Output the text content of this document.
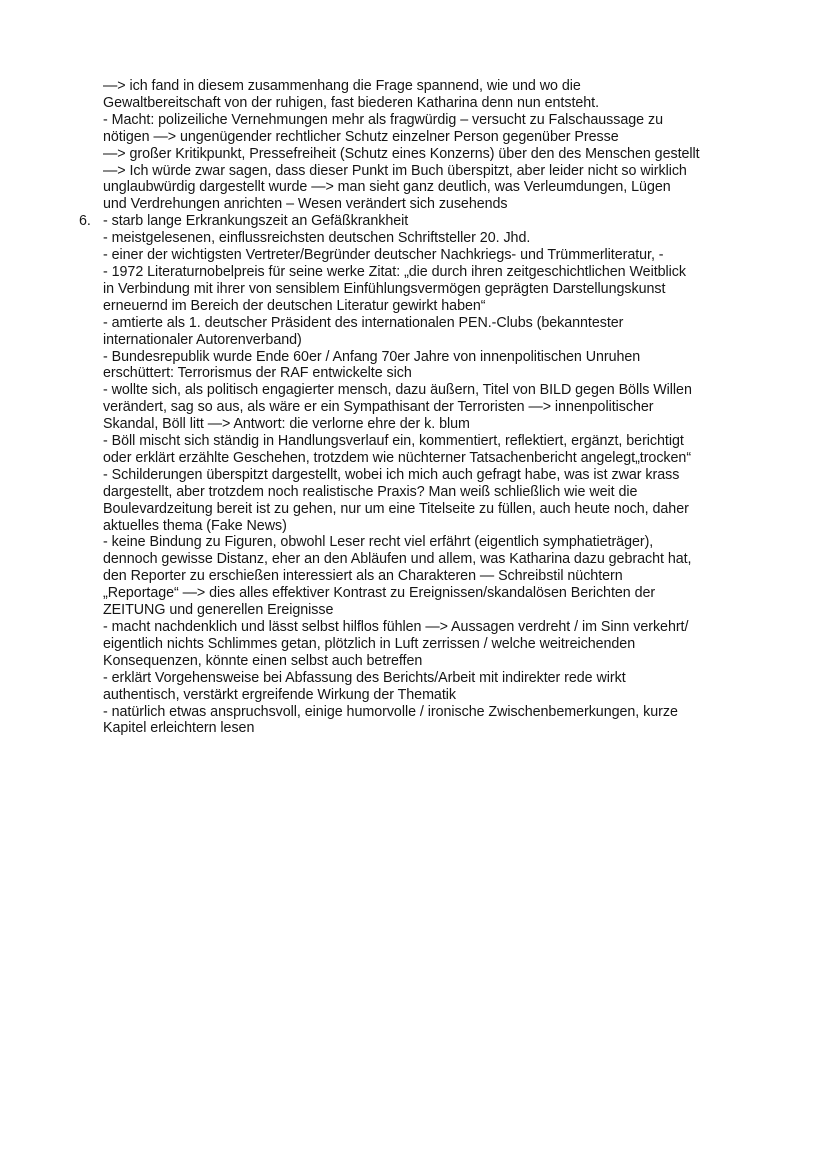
—> ich fand in diesem zusammenhang die Frage spannend, wie und wo die
Gewaltbereitschaft von der ruhigen, fast biederen Katharina denn nun entsteht.
- Macht: polizeiliche Vernehmungen mehr als fragwürdig – versucht zu Falschaussage zu
nötigen —> ungenügender rechtlicher Schutz einzelner Person gegenüber Presse
—> großer Kritikpunkt, Pressefreiheit (Schutz eines Konzerns) über den des Menschen gestellt
—> Ich würde zwar sagen, dass dieser Punkt im Buch überspitzt, aber leider nicht so wirklich
unglaubwürdig dargestellt wurde —> man sieht ganz deutlich, was Verleumdungen, Lügen
und Verdrehungen anrichten – Wesen verändert sich zusehends
6. - starb lange Erkrankungszeit an Gefäßkrankheit
- meistgelesenen, einflussreichsten deutschen Schriftsteller 20. Jhd.
- einer der wichtigsten Vertreter/Begründer deutscher Nachkriegs- und Trümmerliteratur, -
- 1972 Literaturnobelpreis für seine werke Zitat: „die durch ihren zeitgeschichtlichen Weitblick
in Verbindung mit ihrer von sensiblem Einfühlungsvermögen geprägten Darstellungskunst
erneuernd im Bereich der deutschen Literatur gewirkt haben“
- amtierte als 1. deutscher Präsident des internationalen PEN.-Clubs (bekanntester
internationaler Autorenverband)
- Bundesrepublik wurde Ende 60er / Anfang 70er Jahre von innenpolitischen Unruhen
erschüttert: Terrorismus der RAF entwickelte sich
- wollte sich, als politisch engagierter mensch, dazu äußern, Titel von BILD gegen Bölls Willen
verändert, sag so aus, als wäre er ein Sympathisant der Terroristen —> innenpolitischer
Skandal, Böll litt —> Antwort: die verlorne ehre der k. blum
- Böll mischt sich ständig in Handlungsverlauf ein, kommentiert, reflektiert, ergänzt, berichtigt
oder erklärt erzählte Geschehen, trotzdem wie nüchterner Tatsachenbericht angelegt„trocken“
- Schilderungen überspitzt dargestellt, wobei ich mich auch gefragt habe, was ist zwar krass
dargestellt, aber trotzdem noch realistische Praxis? Man weiß schließlich wie weit die
Boulevardzeitung bereit ist zu gehen, nur um eine Titelseite zu füllen, auch heute noch, daher
aktuelles thema (Fake News)
- keine Bindung zu Figuren, obwohl Leser recht viel erfährt (eigentlich symphatieträger),
dennoch gewisse Distanz, eher an den Abläufen und allem, was Katharina dazu gebracht hat,
den Reporter zu erschießen interessiert als an Charakteren — Schreibstil nüchtern
„Reportage“ —> dies alles effektiver Kontrast zu Ereignissen/skandalösen Berichten der
ZEITUNG und generellen Ereignisse
- macht nachdenklich und lässt selbst hilflos fühlen —> Aussagen verdreht / im Sinn verkehrt/
eigentlich nichts Schlimmes getan, plötzlich in Luft zerrissen / welche weitreichenden
Konsequenzen, könnte einen selbst auch betreffen
- erklärt Vorgehensweise bei Abfassung des Berichts/Arbeit mit indirekter rede wirkt
authentisch, verstärkt ergreifende Wirkung der Thematik
- natürlich etwas anspruchsvoll, einige humorvolle / ironische Zwischenbemerkungen, kurze
Kapitel erleichtern lesen
